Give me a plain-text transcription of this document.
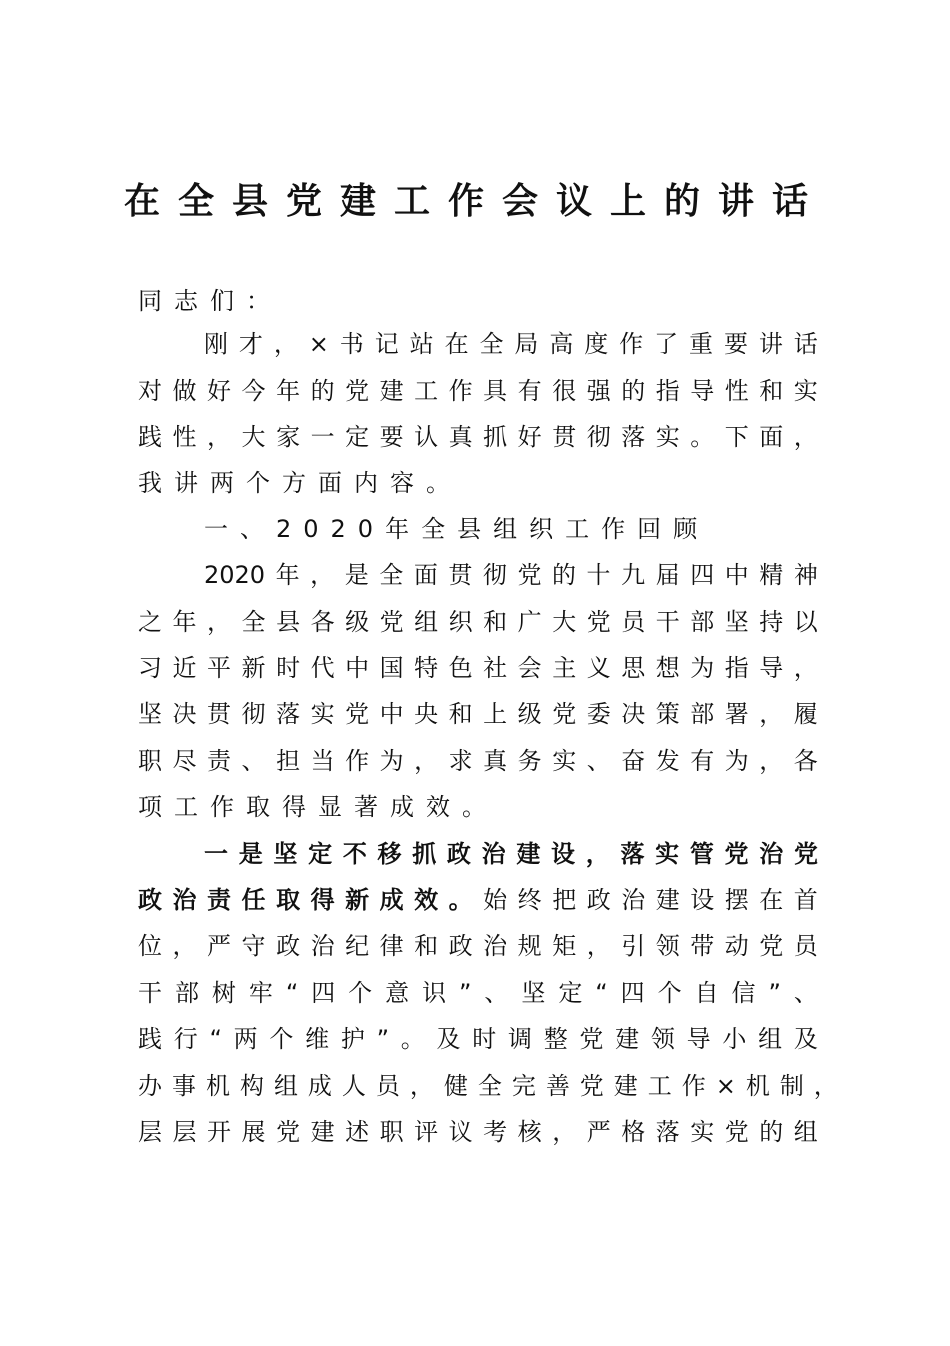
在全县党建工作会议上的讲话
同志们：
刚 才 ， × 书 记 站 在 全 局 高 度 作 了 重 要 讲 话
对 做 好 今 年 的 党 建 工 作 具 有 很 强 的 指 导 性 和 实
践 性 ， 大 家 一 定 要 认 真 抓 好 贯 彻 落 实 。 下 面 ，
我讲两个方面内容。
一、2020年全县组织工作回顾
2020 年 ， 是 全 面 贯 彻 党 的 十 九 届 四 中 精 神
之 年 ， 全 县 各 级 党 组 织 和 广 大 党 员 干 部 坚 持 以
习 近 平 新 时 代 中 国 特 色 社 会 主 义 思 想 为 指 导 ，
坚 决 贯 彻 落 实 党 中 央 和 上 级 党 委 决 策 部 署 ， 履
职 尽 责 、 担 当 作 为 ， 求 真 务 实 、 奋 发 有 为 ， 各
项工作取得显著成效。
一 是 坚 定 不 移 抓 政 治 建 设 ， 落 实 管 党 治 党
政 治 责 任 取 得 新 成 效 。 始 终 把 政 治 建 设 摆 在 首
位 ， 严 守 政 治 纪 律 和 政 治 规 矩 ， 引 领 带 动 党 员
干 部 树 牢 “ 四 个 意 识 ” 、 坚 定 “ 四 个 自 信 ” 、
践 行 “ 两 个 维 护 ” 。 及 时 调 整 党 建 领 导 小 组 及
办 事 机 构 组 成 人 员 ， 健 全 完 善 党 建 工 作 × 机 制 ，
层 层 开 展 党 建 述 职 评 议 考 核 ， 严 格 落 实 党 的 组
